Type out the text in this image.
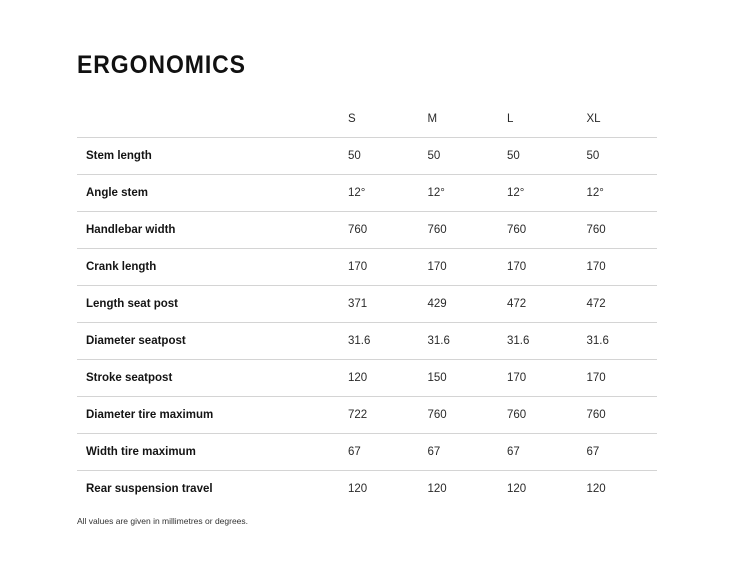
ERGONOMICS
	S	M	L	XL
Stem length	50	50	50	50
Angle stem	12°	12°	12°	12°
Handlebar width	760	760	760	760
Crank length	170	170	170	170
Length seat post	371	429	472	472
Diameter seatpost	31.6	31.6	31.6	31.6
Stroke seatpost	120	150	170	170
Diameter tire maximum	722	760	760	760
Width tire maximum	67	67	67	67
Rear suspension travel	120	120	120	120

All values are given in millimetres or degrees.
